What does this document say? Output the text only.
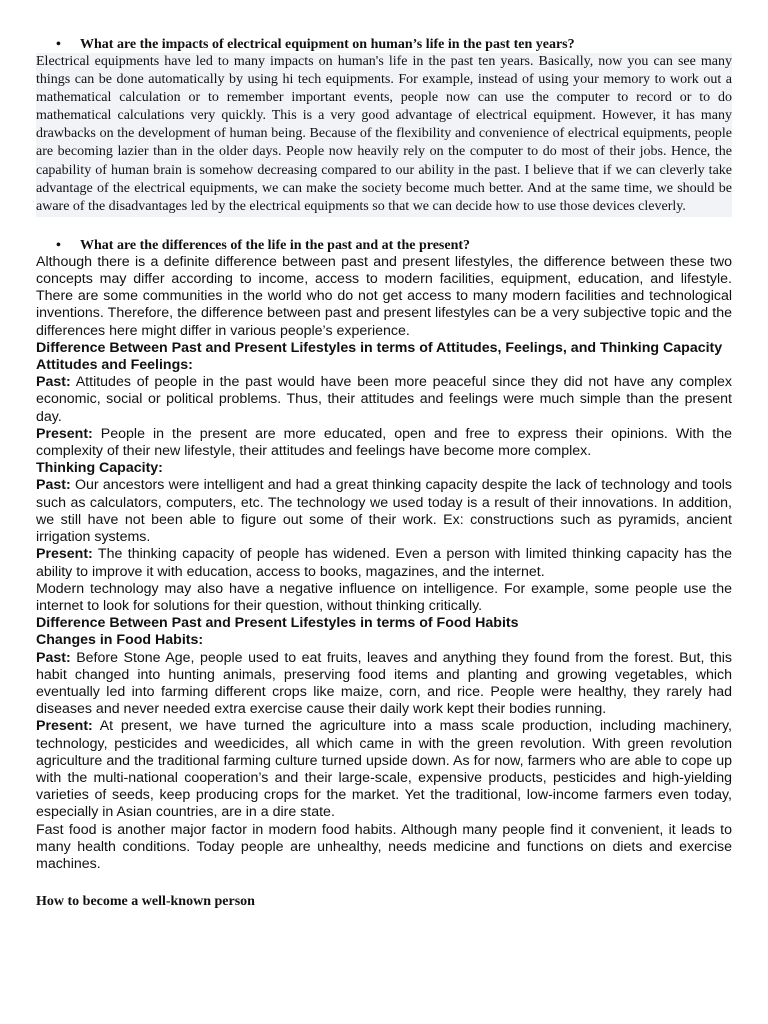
• What are the impacts of electrical equipment on human’s life in the past ten years?

Electrical equipments have led to many impacts on human's life in the past ten years. Basically, now you can see many things can be done automatically by using hi tech equipments. For example, instead of using your memory to work out a mathematical calculation or to remember important events, people now can use the computer to record or to do mathematical calculations very quickly. This is a very good advantage of electrical equipment. However, it has many drawbacks on the development of human being. Because of the flexibility and convenience of electrical equipments, people are becoming lazier than in the older days. People now heavily rely on the computer to do most of their jobs. Hence, the capability of human brain is somehow decreasing compared to our ability in the past. I believe that if we can cleverly take advantage of the electrical equipments, we can make the society become much better. And at the same time, we should be aware of the disadvantages led by the electrical equipments so that we can decide how to use those devices cleverly.

• What are the differences of the life in the past and at the present?

Although there is a definite difference between past and present lifestyles, the difference between these two concepts may differ according to income, access to modern facilities, equipment, education, and lifestyle. There are some communities in the world who do not get access to many modern facilities and technological inventions. Therefore, the difference between past and present lifestyles can be a very subjective topic and the differences here might differ in various people’s experience.

Difference Between Past and Present Lifestyles in terms of Attitudes, Feelings, and Thinking Capacity

Attitudes and Feelings:

Past: Attitudes of people in the past would have been more peaceful since they did not have any complex economic, social or political problems. Thus, their attitudes and feelings were much simple than the present day.

Present: People in the present are more educated, open and free to express their opinions. With the complexity of their new lifestyle, their attitudes and feelings have become more complex.

Thinking Capacity:

Past: Our ancestors were intelligent and had a great thinking capacity despite the lack of technology and tools such as calculators, computers, etc. The technology we used today is a result of their innovations. In addition, we still have not been able to figure out some of their work. Ex: constructions such as pyramids, ancient irrigation systems.

Present: The thinking capacity of people has widened. Even a person with limited thinking capacity has the ability to improve it with education, access to books, magazines, and the internet.

Modern technology may also have a negative influence on intelligence. For example, some people use the internet to look for solutions for their question, without thinking critically.

Difference Between Past and Present Lifestyles in terms of Food Habits

Changes in Food Habits:

Past: Before Stone Age, people used to eat fruits, leaves and anything they found from the forest. But, this habit changed into hunting animals, preserving food items and planting and growing vegetables, which eventually led into farming different crops like maize, corn, and rice. People were healthy, they rarely had diseases and never needed extra exercise cause their daily work kept their bodies running.

Present: At present, we have turned the agriculture into a mass scale production, including machinery, technology, pesticides and weedicides, all which came in with the green revolution. With green revolution agriculture and the traditional farming culture turned upside down. As for now, farmers who are able to cope up with the multi-national cooperation’s and their large-scale, expensive products, pesticides and high-yielding varieties of seeds, keep producing crops for the market. Yet the traditional, low-income farmers even today, especially in Asian countries, are in a dire state.

Fast food is another major factor in modern food habits. Although many people find it convenient, it leads to many health conditions. Today people are unhealthy, needs medicine and functions on diets and exercise machines.

How to become a well-known person
